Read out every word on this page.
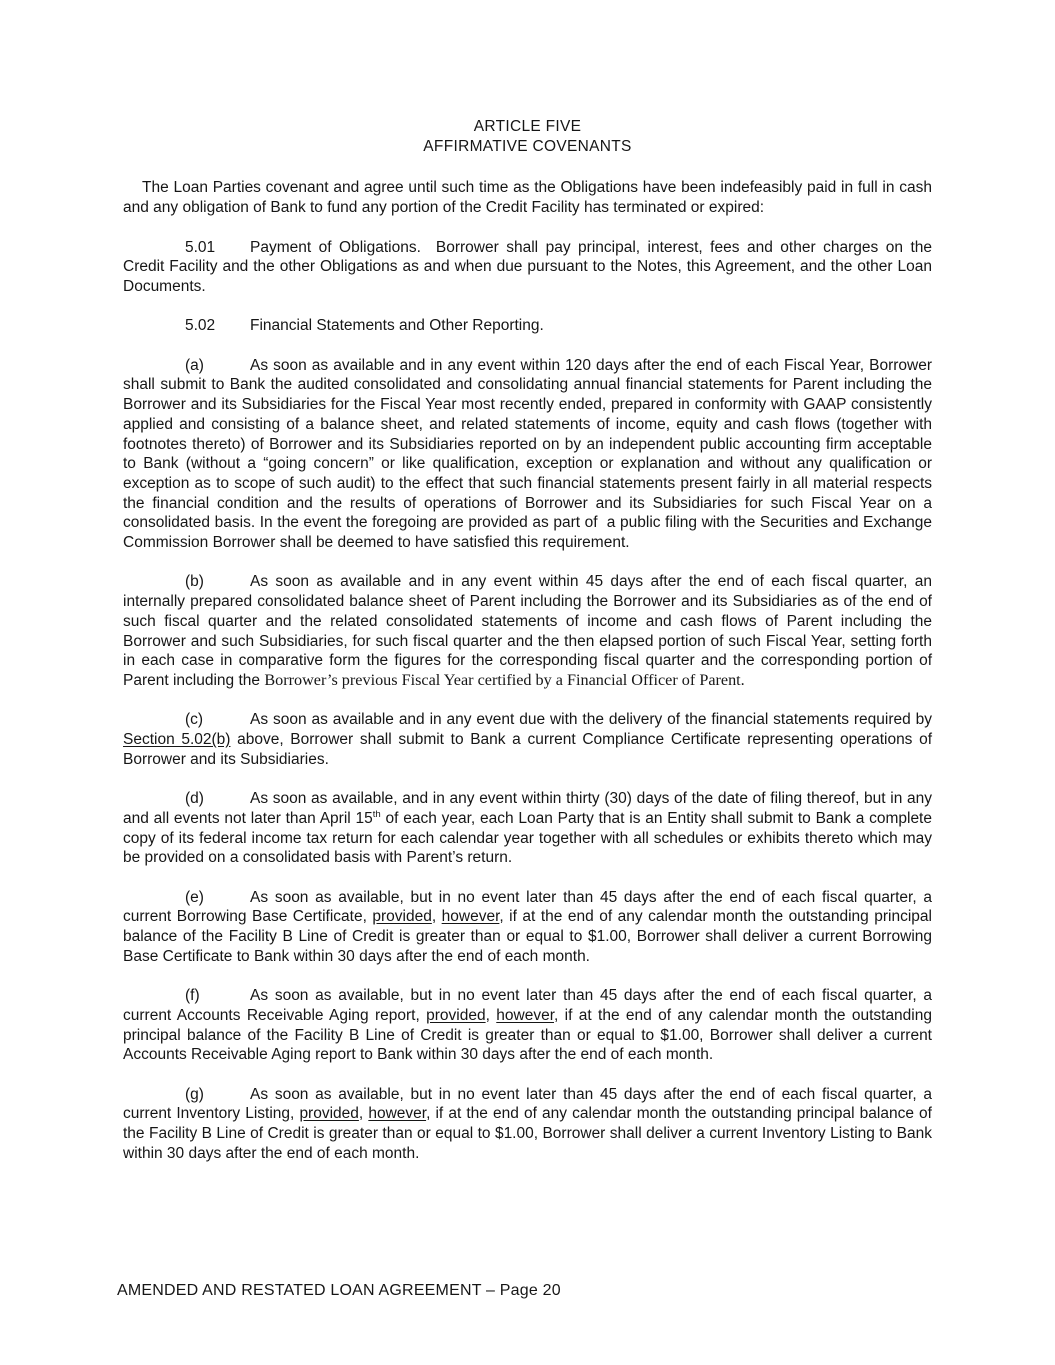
ARTICLE FIVE
AFFIRMATIVE COVENANTS

The Loan Parties covenant and agree until such time as the Obligations have been indefeasibly paid in full in cash and any obligation of Bank to fund any portion of the Credit Facility has terminated or expired:

5.01 Payment of Obligations.  Borrower shall pay principal, interest, fees and other charges on the Credit Facility and the other Obligations as and when due pursuant to the Notes, this Agreement, and the other Loan Documents.

5.02 Financial Statements and Other Reporting.

(a)	As soon as available and in any event within 120 days after the end of each Fiscal Year, Borrower shall submit to Bank the audited consolidated and consolidating annual financial statements for Parent including the Borrower and its Subsidiaries for the Fiscal Year most recently ended, prepared in conformity with GAAP consistently applied and consisting of a balance sheet, and related statements of income, equity and cash flows (together with footnotes thereto) of Borrower and its Subsidiaries reported on by an independent public accounting firm acceptable to Bank (without a “going concern” or like qualification, exception or explanation and without any qualification or exception as to scope of such audit) to the effect that such financial statements present fairly in all material respects the financial condition and the results of operations of Borrower and its Subsidiaries for such Fiscal Year on a consolidated basis. In the event the foregoing are provided as part of  a public filing with the Securities and Exchange Commission Borrower shall be deemed to have satisfied this requirement.

(b)	As soon as available and in any event within 45 days after the end of each fiscal quarter, an internally prepared consolidated balance sheet of Parent including the Borrower and its Subsidiaries as of the end of such fiscal quarter and the related consolidated statements of income and cash flows of Parent including the Borrower and such Subsidiaries, for such fiscal quarter and the then elapsed portion of such Fiscal Year, setting forth in each case in comparative form the figures for the corresponding fiscal quarter and the corresponding portion of Parent including the Borrower’s previous Fiscal Year certified by a Financial Officer of Parent.

(c)	As soon as available and in any event due with the delivery of the financial statements required by Section 5.02(b) above, Borrower shall submit to Bank a current Compliance Certificate representing operations of Borrower and its Subsidiaries.

(d)	As soon as available, and in any event within thirty (30) days of the date of filing thereof, but in any and all events not later than April 15th of each year, each Loan Party that is an Entity shall submit to Bank a complete copy of its federal income tax return for each calendar year together with all schedules or exhibits thereto which may be provided on a consolidated basis with Parent’s return.

(e)	As soon as available, but in no event later than 45 days after the end of each fiscal quarter, a current Borrowing Base Certificate, provided, however, if at the end of any calendar month the outstanding principal balance of the Facility B Line of Credit is greater than or equal to $1.00, Borrower shall deliver a current Borrowing Base Certificate to Bank within 30 days after the end of each month.

(f)	As soon as available, but in no event later than 45 days after the end of each fiscal quarter, a current Accounts Receivable Aging report, provided, however, if at the end of any calendar month the outstanding principal balance of the Facility B Line of Credit is greater than or equal to $1.00, Borrower shall deliver a current Accounts Receivable Aging report to Bank within 30 days after the end of each month.

(g)	As soon as available, but in no event later than 45 days after the end of each fiscal quarter, a current Inventory Listing, provided, however, if at the end of any calendar month the outstanding principal balance of the Facility B Line of Credit is greater than or equal to $1.00, Borrower shall deliver a current Inventory Listing to Bank within 30 days after the end of each month.

AMENDED AND RESTATED LOAN AGREEMENT – Page 20
